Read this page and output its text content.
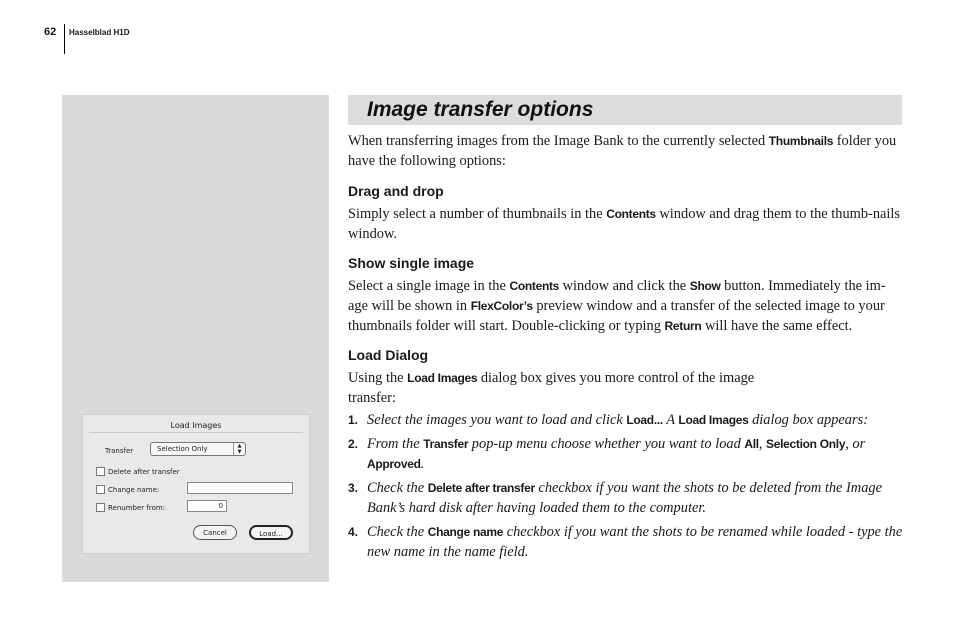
62 Hasselblad H1D
Load Images
Transfer	Selection Only	▲
▼
Delete after transfer
Change name:
Renumber from:	0
Cancel	Load...
Image transfer options
When transferring images from the Image Bank to the currently selected Thumbnails folder you have the following options:
Drag and drop
Simply select a number of thumbnails in the Contents window and drag them to the thumb-nails window.
Show single image
Select a single image in the Contents window and click the Show button. Immediately the im-age will be shown in FlexColor’s preview window and a transfer of the selected image to your thumbnails folder will start. Double-clicking or typing Return will have the same effect.
Load Dialog
Using the Load Images dialog box gives you more control of the image
transfer:
1. Select the images you want to load and click Load... A Load Images dialog box appears:
2. From the Transfer pop-up menu choose whether you want to load All, Selection Only, or Approved.
3. Check the Delete after transfer checkbox if you want the shots to be deleted from the Image Bank’s hard disk after having loaded them to the computer.
4. Check the Change name checkbox if you want the shots to be renamed while loaded - type the new name in the name field.
